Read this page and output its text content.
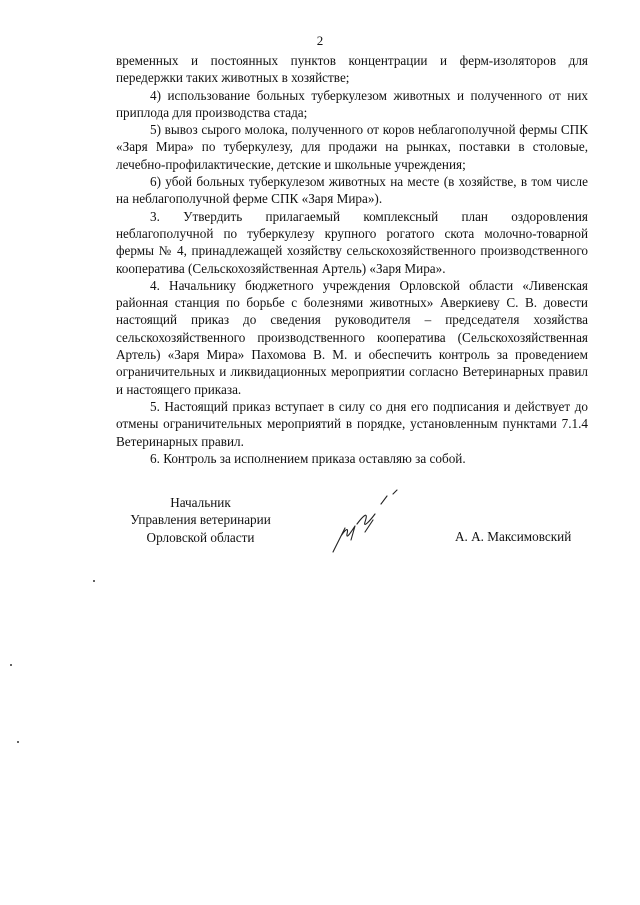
2

временных и постоянных пунктов концентрации и ферм-изоляторов для передержки таких животных в хозяйстве;

4) использование больных туберкулезом животных и полученного от них приплода для производства стада;

5) вывоз сырого молока, полученного от коров неблагополучной фермы СПК «Заря Мира» по туберкулезу, для продажи на рынках, поставки в столовые, лечебно-профилактические, детские и школьные учреждения;

6) убой больных туберкулезом животных на месте (в хозяйстве, в том числе на неблагополучной ферме СПК «Заря Мира»).

3. Утвердить прилагаемый комплексный план оздоровления неблагополучной по туберкулезу крупного рогатого скота молочно-товарной фермы № 4, принадлежащей хозяйству сельскохозяйственного производственного кооператива (Сельскохозяйственная Артель) «Заря Мира».

4. Начальнику бюджетного учреждения Орловской области «Ливенская районная станция по борьбе с болезнями животных» Аверкиеву С. В. довести настоящий приказ до сведения руководителя – председателя хозяйства сельскохозяйственного производственного кооператива (Сельскохозяйственная Артель) «Заря Мира» Пахомова В. М. и обеспечить контроль за проведением ограничительных и ликвидационных мероприятии согласно Ветеринарных правил и настоящего приказа.

5. Настоящий приказ вступает в силу со дня его подписания и действует до отмены ограничительных мероприятий в порядке, установленным пунктами 7.1.4 Ветеринарных правил.

6. Контроль за исполнением приказа оставляю за собой.

Начальник
Управления ветеринарии
Орловской области	А. А. Максимовский
